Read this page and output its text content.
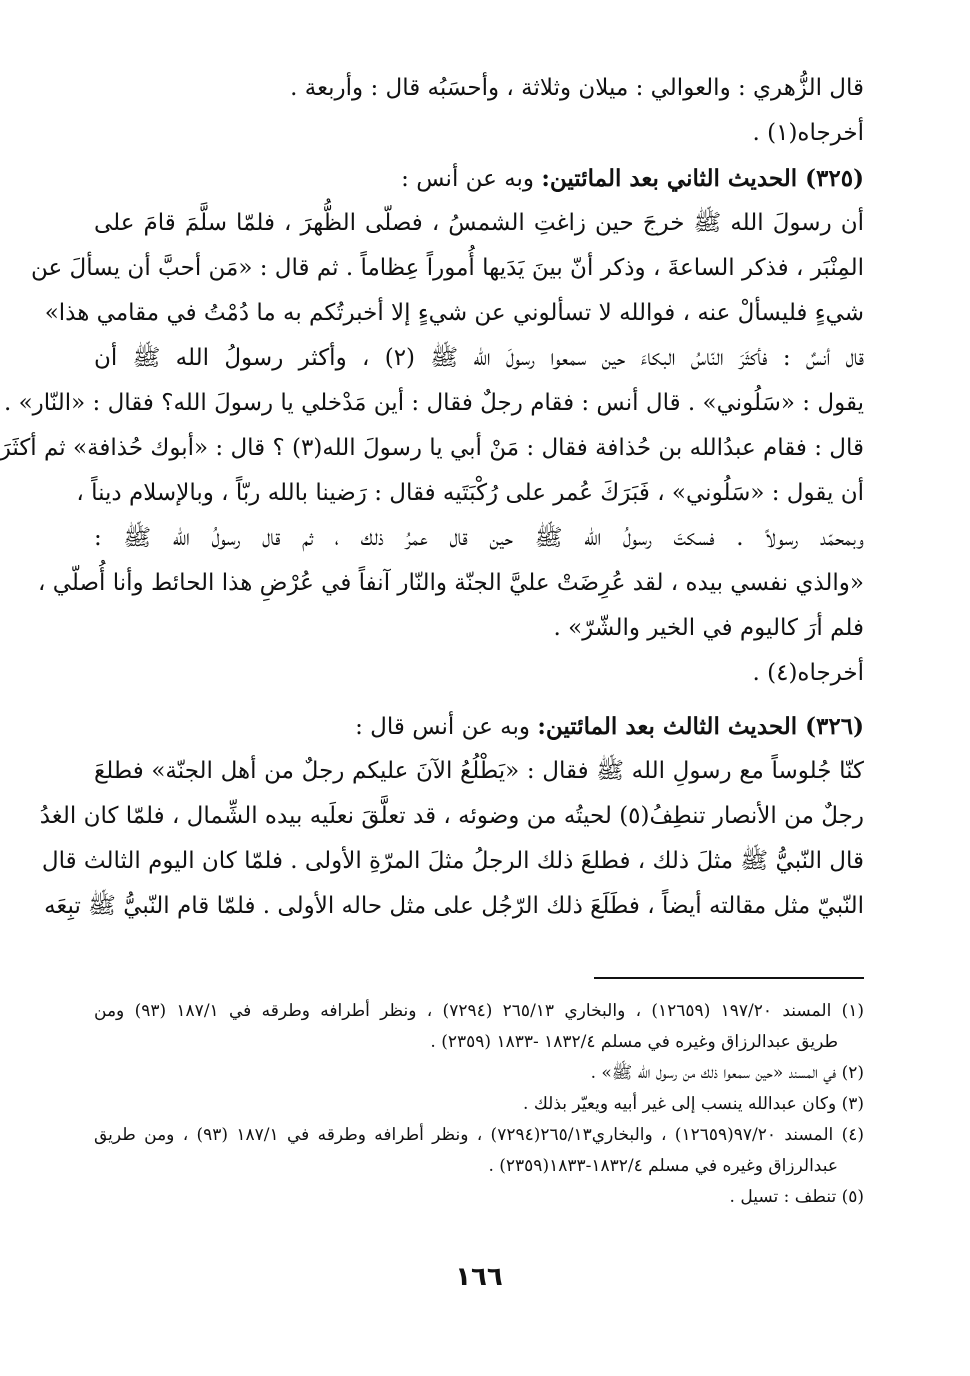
قال الزُّهري : والعوالي : ميلان وثلاثة ، وأحسَبُه قال : وأربعة .
أخرجاه(١) .
(٣٢٥) الحديث الثاني بعد المائتين: وبه عن أنس :
أن رسولَ الله ﷺ خرجَ حين زاغتِ الشمسُ ، فصلّى الظُّهرَ ، فلمّا سلَّمَ قامَ على
المِنْبَر ، فذكر الساعةَ ، وذكر أنّ بينَ يَدَيها أُموراً عِظاماً . ثم قال : «مَن أحبَّ أن يسألَ عن
شيءٍ فليسألْ عنه ، فوالله لا تسألوني عن شيءٍ إلا أخبرتُكم به ما دُمْتُ في مقامي هذا»
قال أنسٌ : فأكثَرَ النّاسُ البكاءَ حين سمعوا رسولَ الله ﷺ (٢) ، وأكثر رسولُ الله ﷺ أن
يقول : «سَلُوني» . قال أنس : فقام رجلٌ فقال : أين مَدْخلي يا رسولَ الله؟ فقال : «النّار» .
قال : فقام عبدُالله بن حُذافة فقال : مَنْ أبي يا رسولَ الله(٣) ؟ قال : «أبوك حُذافة» ثم أكثَرَ
أن يقول : «سَلُوني» ، فَبَرَكَ عُمر على رُكْبَتَيه فقال : رَضينا بالله ربّاً ، وبالإسلام ديناً ،
وبمحمّد رسولاً . فسكتَ رسولُ الله ﷺ حين قال عمرُ ذلك ، ثم قال رسولُ الله ﷺ :
«والذي نفسي بيده ، لقد عُرِضَتْ عليَّ الجنّة والنّار آنفاً في عُرْضِ هذا الحائط وأنا أُصلّي ،
فلم أرَ كاليوم في الخير والشّرّ» .
أخرجاه(٤) .
(٣٢٦) الحديث الثالث بعد المائتين: وبه عن أنس قال :
كنّا جُلوساً مع رسولِ الله ﷺ فقال : «يَطْلُعُ الآنَ عليكم رجلٌ من أهل الجنّة» فطلعَ
رجلٌ من الأنصار تنطِفُ(٥) لحيتُه من وضوئه ، قد تعلَّقَ نعلَيه بيده الشِّمال ، فلمّا كان الغدُ
قال النّبيُّ ﷺ مثلَ ذلك ، فطلعَ ذلك الرجلُ مثلَ المرّةِ الأولى . فلمّا كان اليوم الثالث قال
النّبيّ مثل مقالته أيضاً ، فطَلَعَ ذلك الرّجُل على مثل حاله الأولى . فلمّا قام النّبيُّ ﷺ تبِعَه
(١) المسند ١٩٧/٢٠ (١٢٦٥٩) ، والبخاري ٢٦٥/١٣ (٧٢٩٤) ، ونظر أطرافه وطرقه في ١٨٧/١ (٩٣) ومن
طريق عبدالرزاق وغيره في مسلم ١٨٣٢/٤ -١٨٣٣ (٢٣٥٩) .
(٢) في المسند «حين سمعوا ذلك من رسول الله ﷺ» .
(٣) وكان عبدالله ينسب إلى غير أبيه ويعيّر بذلك .
(٤) المسند ٩٧/٢٠(١٢٦٥٩) ، والبخاري٢٦٥/١٣(٧٢٩٤) ، ونظر أطرافه وطرقه في ١٨٧/١ (٩٣) ، ومن طريق
عبدالرزاق وغيره في مسلم ١٨٣٢/٤-١٨٣٣(٢٣٥٩) .
(٥) تنطف : تسيل .
١٦٦
